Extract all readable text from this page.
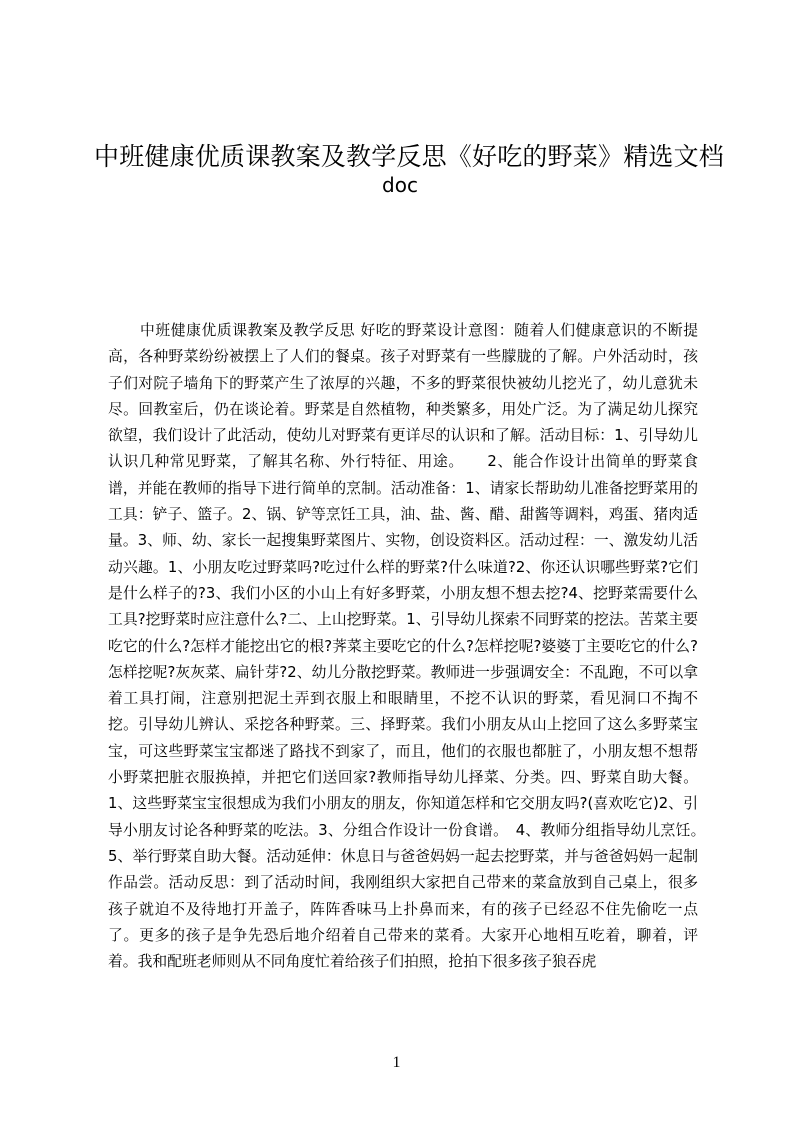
中班健康优质课教案及教学反思《好吃的野菜》精选文档
doc

中班健康优质课教案及教学反思 好吃的野菜设计意图：随着人们健康意识的不断提高，各种野菜纷纷被摆上了人们的餐桌。孩子对野菜有一些朦胧的了解。户外活动时，孩子们对院子墙角下的野菜产生了浓厚的兴趣，不多的野菜很快被幼儿挖光了，幼儿意犹未尽。回教室后，仍在谈论着。野菜是自然植物，种类繁多，用处广泛。为了满足幼儿探究欲望，我们设计了此活动，使幼儿对野菜有更详尽的认识和了解。活动目标：1、引导幼儿认识几种常见野菜，了解其名称、外行特征、用途。　　2、能合作设计出简单的野菜食谱，并能在教师的指导下进行简单的烹制。活动准备：1、请家长帮助幼儿准备挖野菜用的工具：铲子、篮子。2、锅、铲等烹饪工具，油、盐、酱、醋、甜酱等调料，鸡蛋、猪肉适量。3、师、幼、家长一起搜集野菜图片、实物，创设资料区。活动过程：一、激发幼儿活动兴趣。1、小朋友吃过野菜吗?吃过什么样的野菜?什么味道?2、你还认识哪些野菜?它们是什么样子的?3、我们小区的小山上有好多野菜，小朋友想不想去挖?4、挖野菜需要什么工具?挖野菜时应注意什么?二、上山挖野菜。1、引导幼儿探索不同野菜的挖法。苦菜主要吃它的什么?怎样才能挖出它的根?荠菜主要吃它的什么?怎样挖呢?婆婆丁主要吃它的什么?怎样挖呢?灰灰菜、扁针芽?2、幼儿分散挖野菜。教师进一步强调安全：不乱跑，不可以拿着工具打闹，注意别把泥土弄到衣服上和眼睛里，不挖不认识的野菜，看见洞口不掏不挖。引导幼儿辨认、采挖各种野菜。三、择野菜。我们小朋友从山上挖回了这么多野菜宝宝，可这些野菜宝宝都迷了路找不到家了，而且，他们的衣服也都脏了，小朋友想不想帮小野菜把脏衣服换掉，并把它们送回家?教师指导幼儿择菜、分类。四、野菜自助大餐。1、这些野菜宝宝很想成为我们小朋友的朋友，你知道怎样和它交朋友吗?(喜欢吃它)2、引导小朋友讨论各种野菜的吃法。3、分组合作设计一份食谱。　4、教师分组指导幼儿烹饪。　5、举行野菜自助大餐。活动延伸：休息日与爸爸妈妈一起去挖野菜，并与爸爸妈妈一起制作品尝。活动反思：到了活动时间，我刚组织大家把自己带来的菜盒放到自己桌上，很多孩子就迫不及待地打开盖子，阵阵香味马上扑鼻而来，有的孩子已经忍不住先偷吃一点了。更多的孩子是争先恐后地介绍着自己带来的菜肴。大家开心地相互吃着，聊着，评着。我和配班老师则从不同角度忙着给孩子们拍照，抢拍下很多孩子狼吞虎

1
